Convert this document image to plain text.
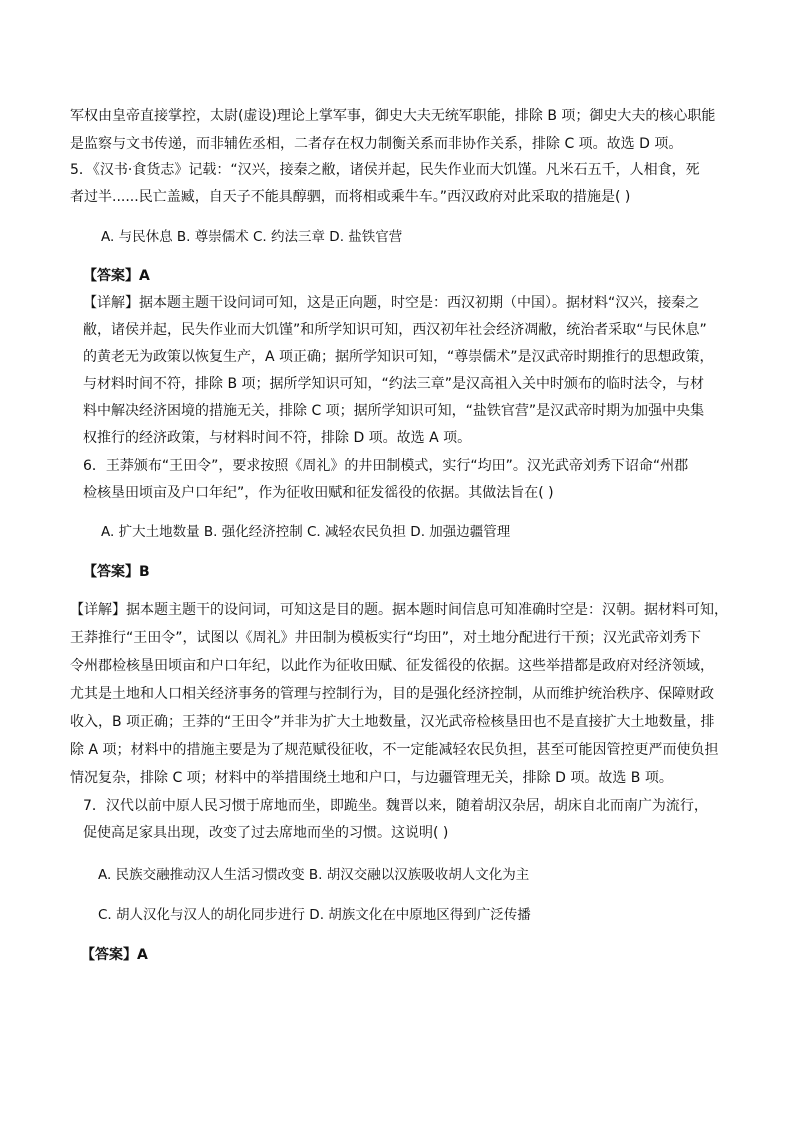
军权由皇帝直接掌控，太尉(虚设)理论上掌军事，御史大夫无统军职能，排除 B 项；御史大夫的核心职能
是监察与文书传递，而非辅佐丞相，二者存在权力制衡关系而非协作关系，排除 C 项。故选 D 项。
5．《汉书·食货志》记载：“汉兴，接秦之敝，诸侯并起，民失作业而大饥馑。凡米石五千，人相食，死
者过半......民亡盖臧，自天子不能具醇驷，而将相或乘牛车。”西汉政府对此采取的措施是( )
A. 与民休息 B. 尊崇儒术 C. 约法三章 D. 盐铁官营
【答案】A
【详解】据本题主题干设问词可知，这是正向题，时空是：西汉初期（中国）。据材料“汉兴，接秦之
敝，诸侯并起，民失作业而大饥馑”和所学知识可知，西汉初年社会经济凋敝，统治者采取“与民休息”
的黄老无为政策以恢复生产，A 项正确；据所学知识可知，“尊崇儒术”是汉武帝时期推行的思想政策，
与材料时间不符，排除 B 项；据所学知识可知，“约法三章”是汉高祖入关中时颁布的临时法令，与材
料中解决经济困境的措施无关，排除 C 项；据所学知识可知，“盐铁官营”是汉武帝时期为加强中央集
权推行的经济政策，与材料时间不符，排除 D 项。故选 A 项。
6．王莽颁布“王田令”，要求按照《周礼》的井田制模式，实行“均田”。汉光武帝刘秀下诏命“州郡
检核垦田顷亩及户口年纪”，作为征收田赋和征发徭役的依据。其做法旨在( )
A. 扩大土地数量 B. 强化经济控制 C. 减轻农民负担 D. 加强边疆管理
【答案】B
【详解】据本题主题干的设问词，可知这是目的题。据本题时间信息可知准确时空是：汉朝。据材料可知，
王莽推行“王田令”，试图以《周礼》井田制为模板实行“均田”，对土地分配进行干预；汉光武帝刘秀下
令州郡检核垦田顷亩和户口年纪，以此作为征收田赋、征发徭役的依据。这些举措都是政府对经济领域，
尤其是土地和人口相关经济事务的管理与控制行为，目的是强化经济控制，从而维护统治秩序、保障财政
收入，B 项正确；王莽的“王田令”并非为扩大土地数量，汉光武帝检核垦田也不是直接扩大土地数量，排
除 A 项；材料中的措施主要是为了规范赋役征收，不一定能减轻农民负担，甚至可能因管控更严而使负担
情况复杂，排除 C 项；材料中的举措围绕土地和户口，与边疆管理无关，排除 D 项。故选 B 项。
7．汉代以前中原人民习惯于席地而坐，即跪坐。魏晋以来，随着胡汉杂居，胡床自北而南广为流行，
促使高足家具出现，改变了过去席地而坐的习惯。这说明( )
A. 民族交融推动汉人生活习惯改变 B. 胡汉交融以汉族吸收胡人文化为主
C. 胡人汉化与汉人的胡化同步进行 D. 胡族文化在中原地区得到广泛传播
【答案】A
